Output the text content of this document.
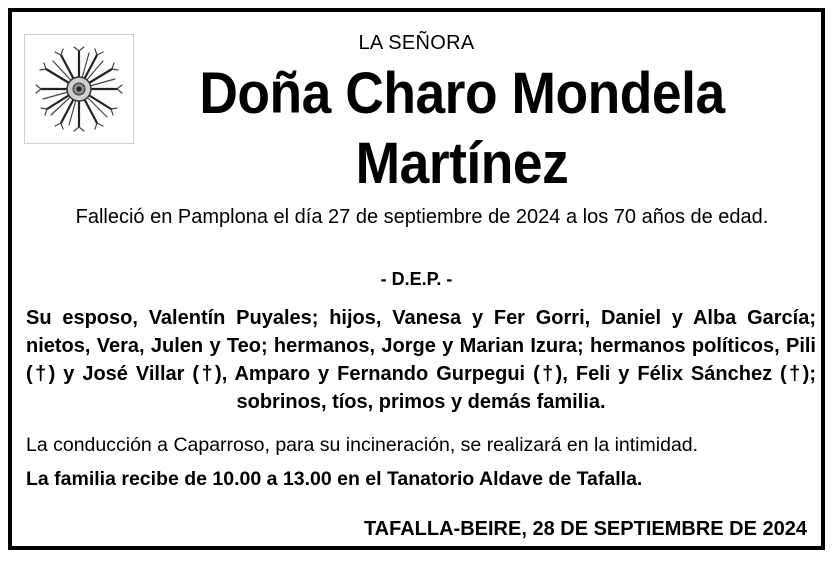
LA SEÑORA
Doña Charo Mondela
Martínez
Falleció en Pamplona el día 27 de septiembre de 2024 a los 70 años de edad.
- D.E.P. -
Su esposo, Valentín Puyales; hijos, Vanesa y Fer Gorri, Daniel y Alba García; nietos, Vera, Julen y Teo; hermanos, Jorge y Marian Izura; hermanos políticos, Pili (†) y José Villar (†), Amparo y Fernando Gurpegui (†), Feli y Félix Sánchez (†); sobrinos, tíos, primos y demás familia.
La conducción a Caparroso, para su incineración, se realizará en la intimidad.
La familia recibe de 10.00 a 13.00 en el Tanatorio Aldave de Tafalla.
TAFALLA-BEIRE, 28 DE SEPTIEMBRE DE 2024
